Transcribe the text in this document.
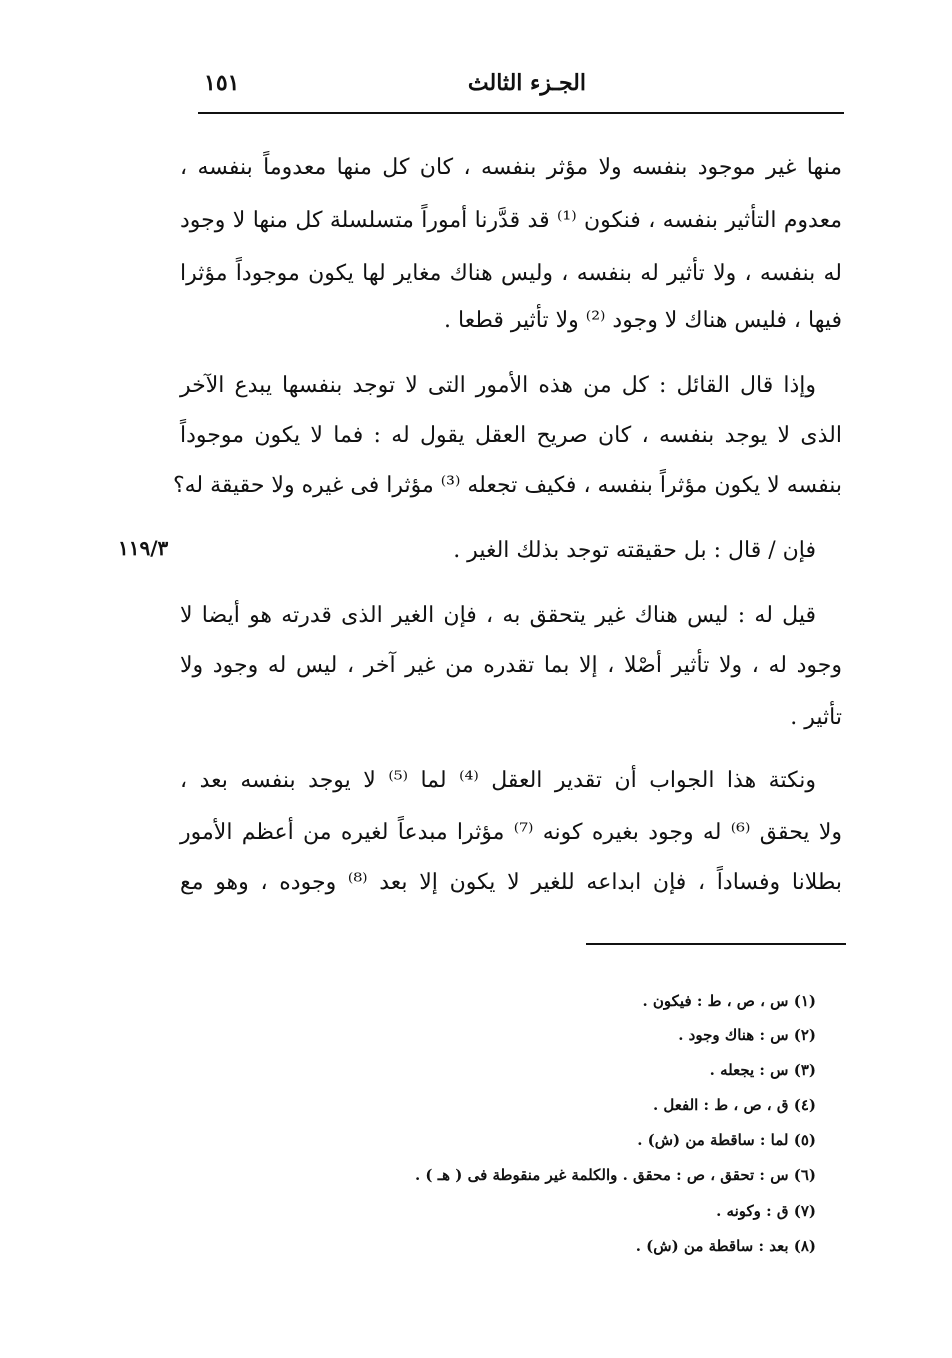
الجـزء الثالث
١٥١
منها غير موجود بنفسه ولا مؤثر بنفسه ، كان كل منها معدوماً بنفسه ،
معدوم التأثير بنفسه ، فنكون ⁽¹⁾ قد قدَّرنا أموراً متسلسلة كل منها لا وجود
له بنفسه ، ولا تأثير له بنفسه ، وليس هناك مغاير لها يكون موجوداً مؤثرا
فيها ، فليس هناك لا وجود ⁽²⁾ ولا تأثير قطعا .
وإذا قال القائل : كل من هذه الأمور التى لا توجد بنفسها يبدع الآخر
الذى لا يوجد بنفسه ، كان صريح العقل يقول له : فما لا يكون موجوداً
بنفسه لا يكون مؤثراً بنفسه ، فكيف تجعله ⁽³⁾ مؤثرا فى غيره ولا حقيقة له؟
فإن / قال : بل حقيقته توجد بذلك الغير .
١١٩/٣
قيل له : ليس هناك غير يتحقق به ، فإن الغير الذى قدرته هو أيضا لا
وجود له ، ولا تأثير أصْلا ، إلا بما تقدره من غير آخر ، ليس له وجود ولا
تأثير .
ونكتة هذا الجواب أن تقدير العقل ⁽⁴⁾ لما ⁽⁵⁾ لا يوجد بنفسه بعد ،
ولا يحقق ⁽⁶⁾ له وجود بغيره كونه ⁽⁷⁾ مؤثرا مبدعاً لغيره من أعظم الأمور
بطلانا وفساداً ، فإن ابداعه للغير لا يكون إلا بعد ⁽⁸⁾ وجوده ، وهو مع
(١) س ، ص ، ط : فيكون .
(٢) س : هناك وجود .
(٣) س : يجعله .
(٤) ق ، ص ، ط : الفعل .
(٥) لما : ساقطة من (ش) .
(٦) س : تحقق ، ص : محقق . والكلمة غير منقوطة فى ( هـ ) .
(٧) ق : وكونه .
(٨) بعد : ساقطة من (ش) .
